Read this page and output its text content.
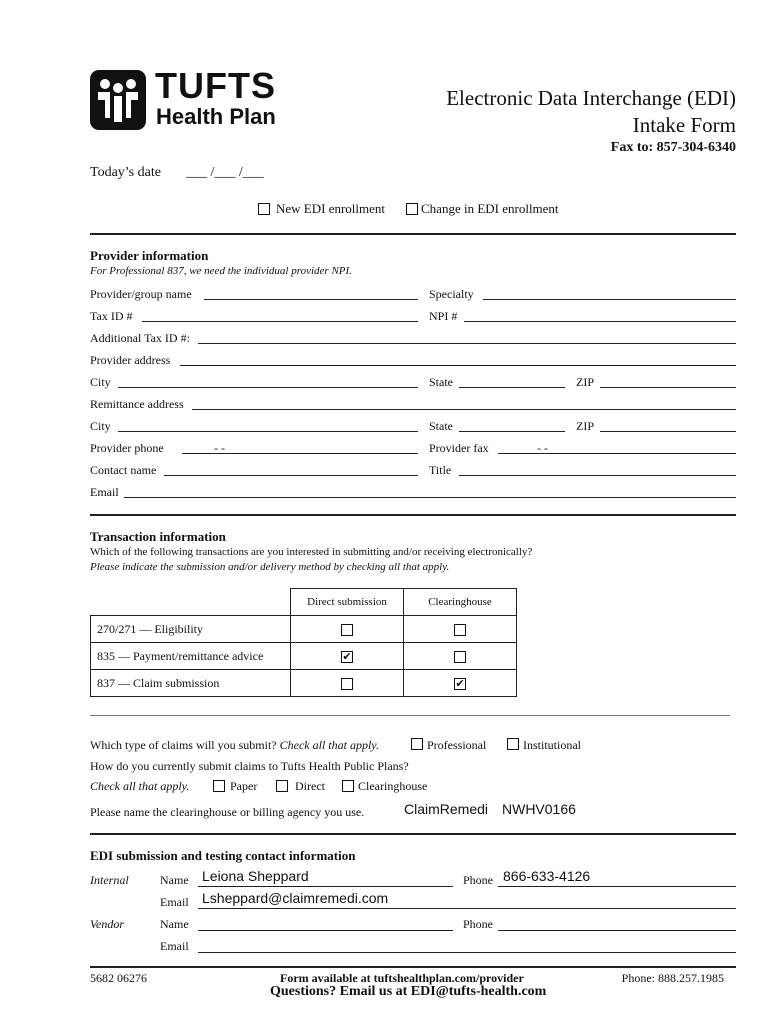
TUFTS
Health Plan
Electronic Data Interchange (EDI)
Intake Form
Fax to: 857-304-6340
Today’s date ___ /___ /___
New EDI enrollment	Change in EDI enrollment
Provider information
For Professional 837, we need the individual provider NPI.
Provider/group name	Specialty
Tax ID #	NPI #
Additional Tax ID #:
Provider address
City	State	ZIP
Remittance address
City	State	ZIP
Provider phone	- -	Provider fax	- -
Contact name	Title
Email
Transaction information
Which of the following transactions are you interested in submitting and/or receiving electronically?
Please indicate the submission and/or delivery method by checking all that apply.
	Direct submission	Clearinghouse
270/271 — Eligibility		
835 — Payment/remittance advice	✔	
837 — Claim submission		✔
Which type of claims will you submit? Check all that apply.	Professional	Institutional
How do you currently submit claims to Tufts Health Public Plans?
Check all that apply.	Paper	Direct	Clearinghouse
Please name the clearinghouse or billing agency you use.	ClaimRemedi NWHV0166
EDI submission and testing contact information
Internal	Name Leiona Sheppard	Phone 866-633-4126
Email Lsheppard@claimremedi.com
Vendor	Name	Phone
Email
5682 06276	Form available at tuftshealthplan.com/provider	Phone: 888.257.1985
Questions? Email us at EDI@tufts-health.com
